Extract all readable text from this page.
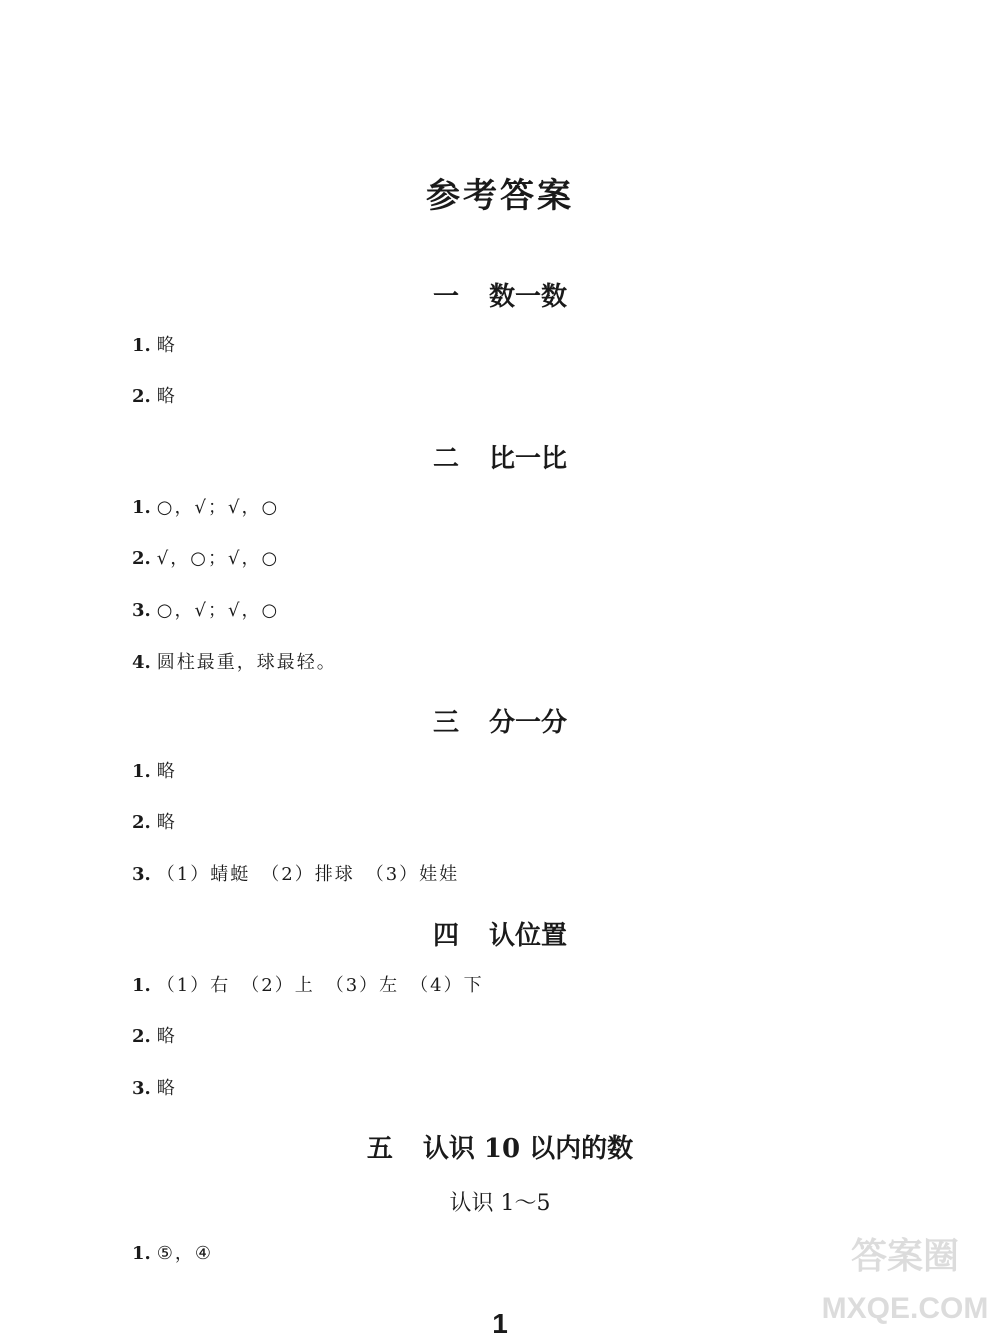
参考答案
一 数一数
1. 略
2. 略
二 比一比
1. ○，√；√，○
2. √，○；√，○
3. ○，√；√，○
4. 圆柱最重，球最轻。
三 分一分
1. 略
2. 略
3. （1）蜻蜓　（2）排球　（3）娃娃
四 认位置
1. （1）右　（2）上　（3）左　（4）下
2. 略
3. 略
五 认识 10 以内的数
认识 1～5
1. ⑤，④
1
答案圈
MXQE.COM
